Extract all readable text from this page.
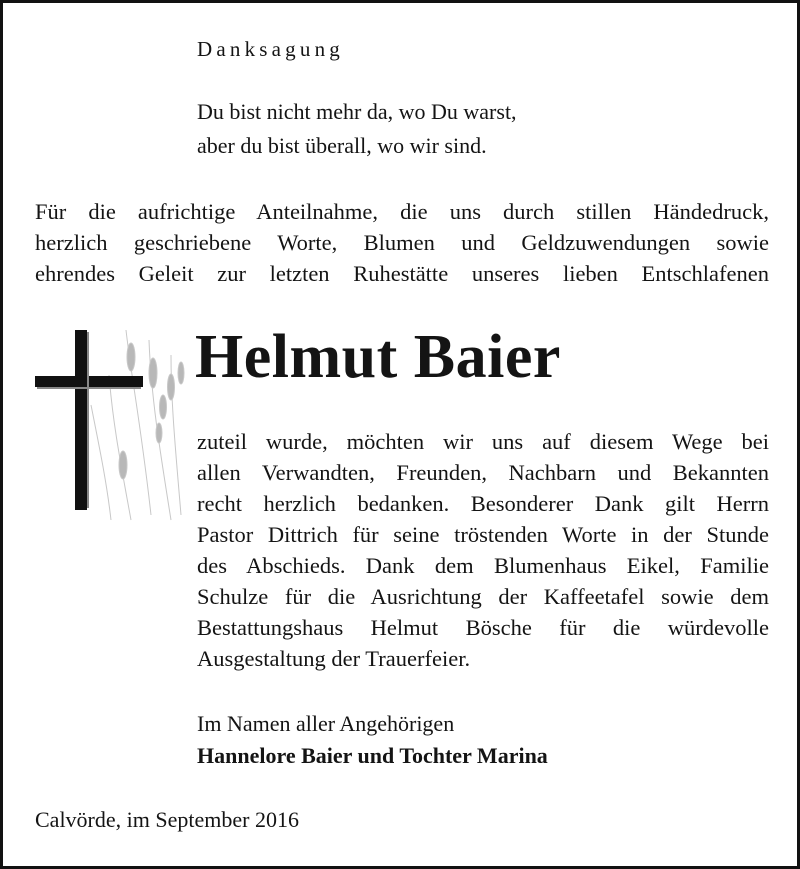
Danksagung
Du bist nicht mehr da, wo Du warst,
aber du bist überall, wo wir sind.
Für die aufrichtige Anteilnahme, die uns durch stillen Händedruck,
herzlich geschriebene Worte, Blumen und Geldzuwendungen sowie
ehrendes Geleit zur letzten Ruhestätte unseres lieben Entschlafenen
Helmut Baier
zuteil wurde, möchten wir uns auf diesem Wege bei
allen Verwandten, Freunden, Nachbarn und Bekannten
recht herzlich bedanken. Besonderer Dank gilt Herrn
Pastor Dittrich für seine tröstenden Worte in der Stunde
des Abschieds. Dank dem Blumenhaus Eikel, Familie
Schulze für die Ausrichtung der Kaffeetafel sowie dem
Bestattungshaus Helmut Bösche für die würdevolle
Ausgestaltung der Trauerfeier.
Im Namen aller Angehörigen
Hannelore Baier und Tochter Marina
Calvörde, im September 2016
